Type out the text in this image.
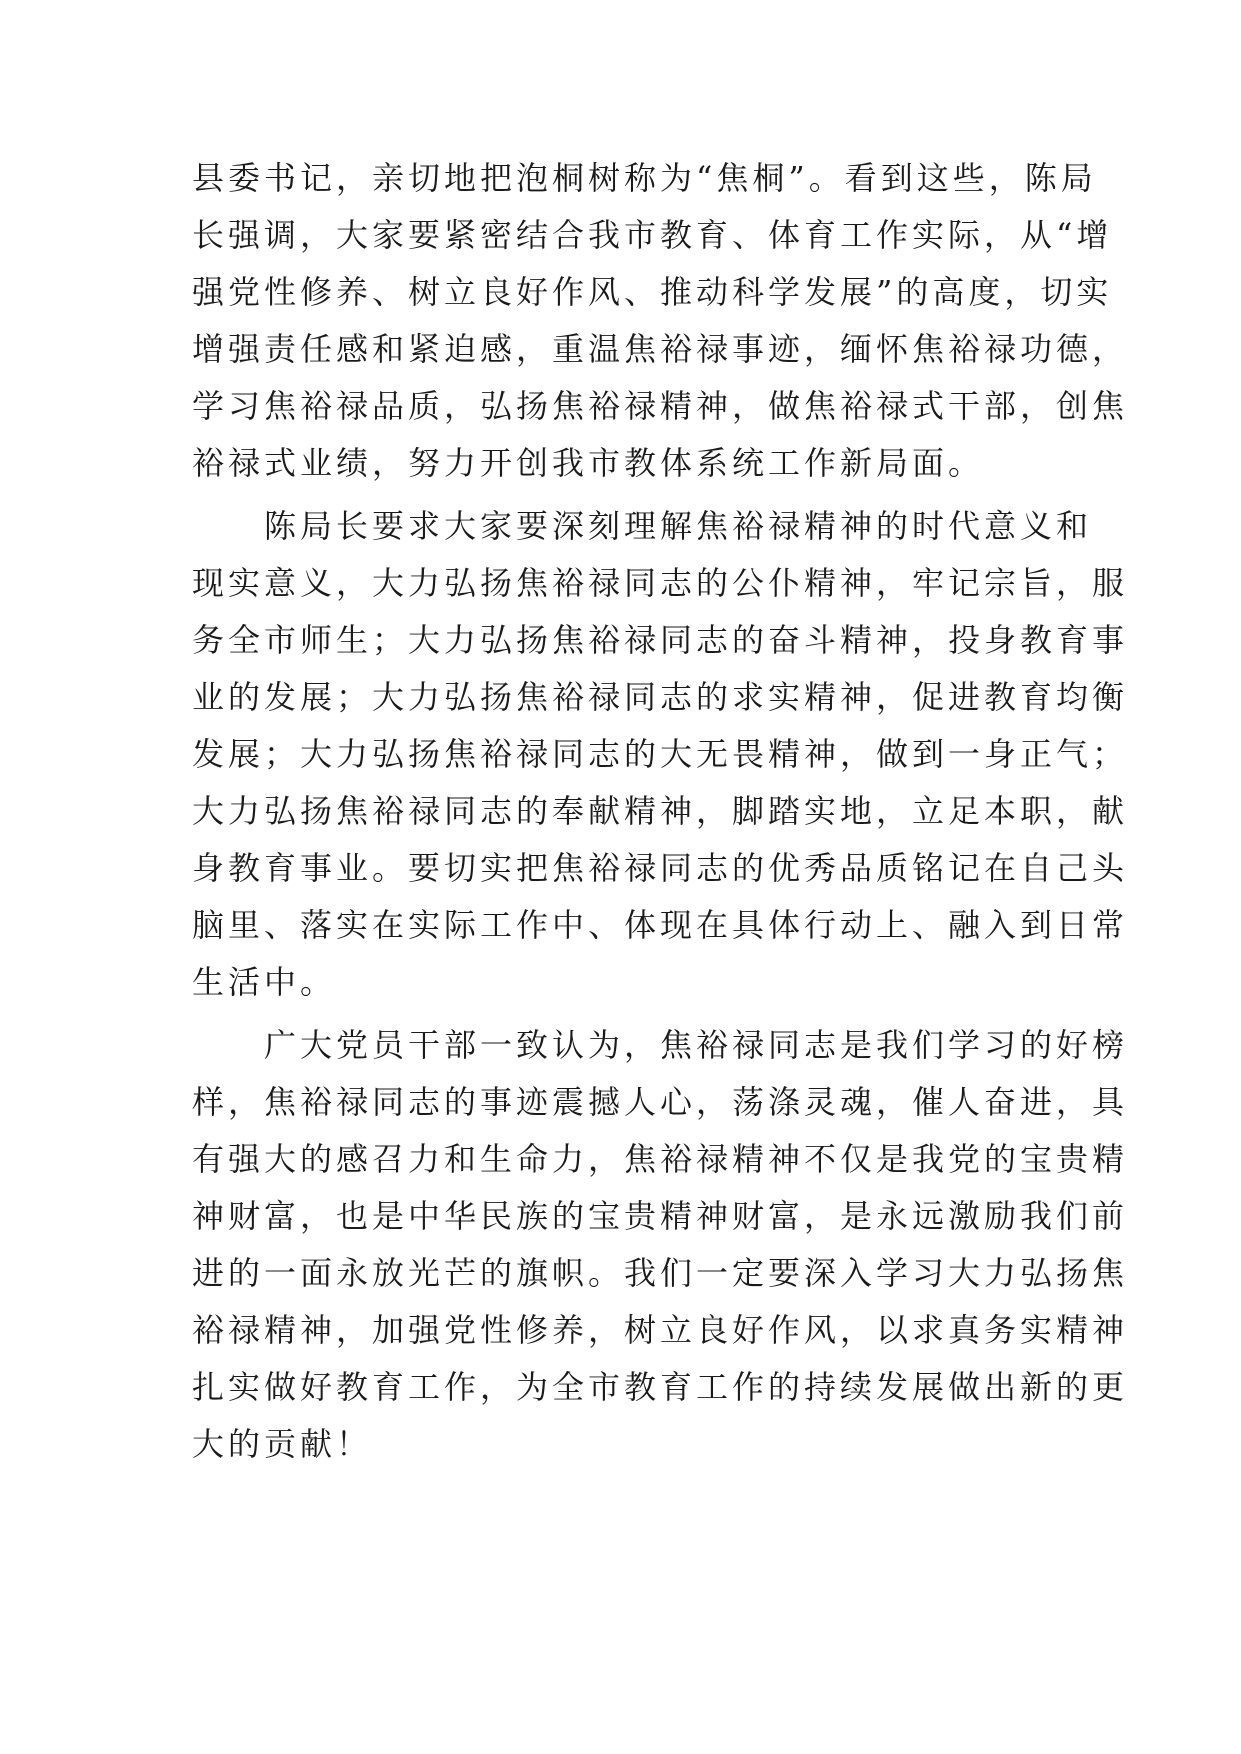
县委书记，亲切地把泡桐树称为“焦桐”。看到这些，陈局
长强调，大家要紧密结合我市教育、体育工作实际，从“增
强党性修养、树立良好作风、推动科学发展”的高度，切实
增强责任感和紧迫感，重温焦裕禄事迹，缅怀焦裕禄功德，
学习焦裕禄品质，弘扬焦裕禄精神，做焦裕禄式干部，创焦
裕禄式业绩，努力开创我市教体系统工作新局面。
　　陈局长要求大家要深刻理解焦裕禄精神的时代意义和
现实意义，大力弘扬焦裕禄同志的公仆精神，牢记宗旨，服
务全市师生；大力弘扬焦裕禄同志的奋斗精神，投身教育事
业的发展；大力弘扬焦裕禄同志的求实精神，促进教育均衡
发展；大力弘扬焦裕禄同志的大无畏精神，做到一身正气；
大力弘扬焦裕禄同志的奉献精神，脚踏实地，立足本职，献
身教育事业。要切实把焦裕禄同志的优秀品质铭记在自己头
脑里、落实在实际工作中、体现在具体行动上、融入到日常
生活中。
　　广大党员干部一致认为，焦裕禄同志是我们学习的好榜
样，焦裕禄同志的事迹震撼人心，荡涤灵魂，催人奋进，具
有强大的感召力和生命力，焦裕禄精神不仅是我党的宝贵精
神财富，也是中华民族的宝贵精神财富，是永远激励我们前
进的一面永放光芒的旗帜。我们一定要深入学习大力弘扬焦
裕禄精神，加强党性修养，树立良好作风，以求真务实精神
扎实做好教育工作，为全市教育工作的持续发展做出新的更
大的贡献！
